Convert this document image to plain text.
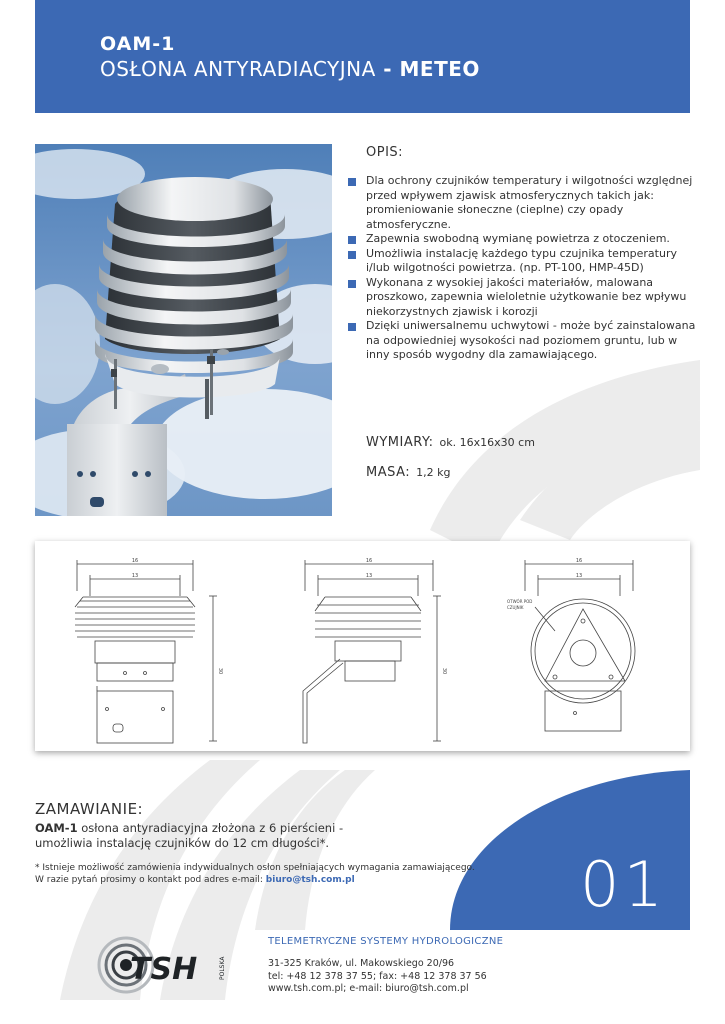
OAM-1
OSŁONA ANTYRADIACYJNA - METEO
OPIS:
Dla ochrony czujników temperatury i wilgotności względnej przed wpływem zjawisk atmosferycznych takich jak: promieniowanie słoneczne (cieplne) czy opady atmosferyczne.
Zapewnia swobodną wymianę powietrza z otoczeniem.
Umożliwia instalację każdego typu czujnika temperatury i/lub wilgotności powietrza. (np. PT-100, HMP-45D)
Wykonana z wysokiej jakości materiałów, malowana proszkowo, zapewnia wieloletnie użytkowanie bez wpływu niekorzystnych zjawisk i korozji
Dzięki uniwersalnemu uchwytowi - może być zainstalowana na odpowiedniej wysokości nad poziomem gruntu, lub w inny sposób wygodny dla zamawiającego.
WYMIARY: ok. 16x16x30 cm
MASA: 1,2 kg
16
13
30
16
13
30
16
13
OTWÓR POD
CZUJNIK
ZAMAWIANIE:
OAM-1 osłona antyradiacyjna złożona z 6 pierścieni - umożliwia instalację czujników do 12 cm długości*.
* Istnieje możliwość zamówienia indywidualnych osłon spełniających wymagania zamawiającego.
W razie pytań prosimy o kontakt pod adres e-mail: biuro@tsh.com.pl	01
TSH	POLSKA
TELEMETRYCZNE SYSTEMY HYDROLOGICZNE
31-325 Kraków, ul. Makowskiego 20/96
tel: +48 12 378 37 55; fax: +48 12 378 37 56
www.tsh.com.pl; e-mail: biuro@tsh.com.pl
